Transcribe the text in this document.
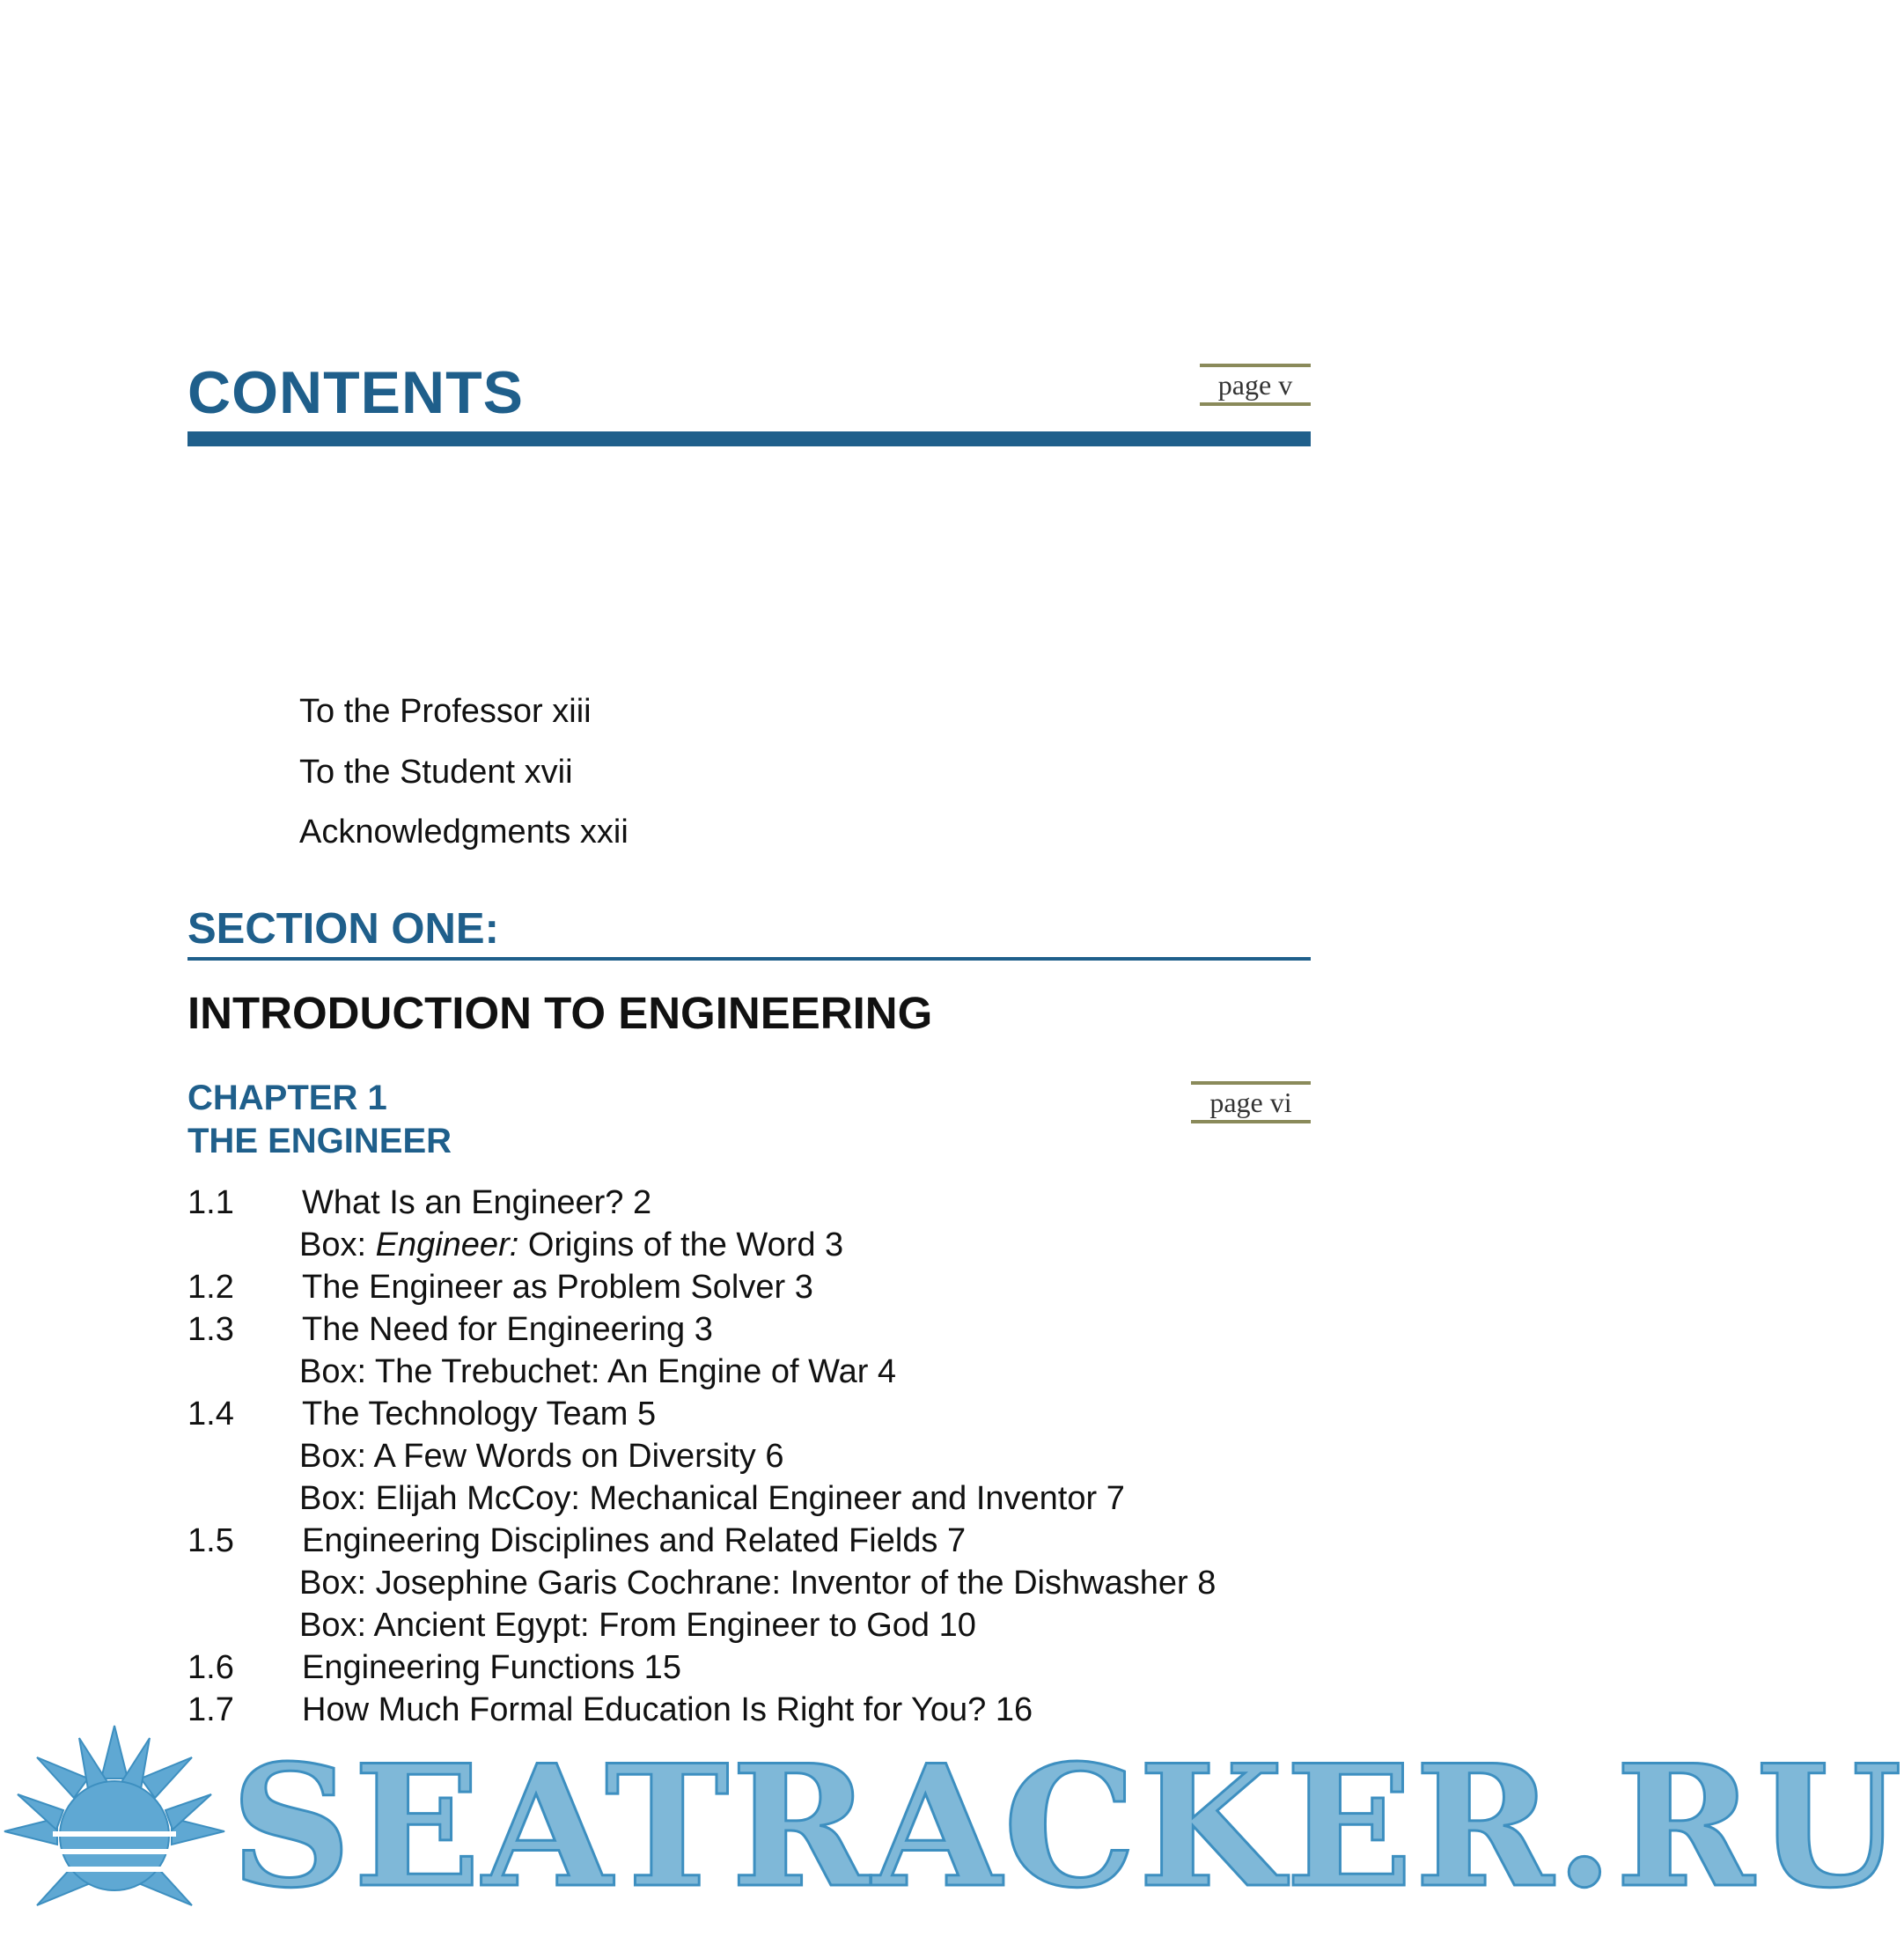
CONTENTS	page v

To the Professor xiii

To the Student xvii

Acknowledgments xxii

SECTION ONE:
INTRODUCTION TO ENGINEERING
CHAPTER 1	page vi
THE ENGINEER
1.1 What Is an Engineer? 2
Box: Engineer: Origins of the Word 3
1.2 The Engineer as Problem Solver 3
1.3 The Need for Engineering 3
Box: The Trebuchet: An Engine of War 4
1.4 The Technology Team 5
Box: A Few Words on Diversity 6
Box: Elijah McCoy: Mechanical Engineer and Inventor 7
1.5 Engineering Disciplines and Related Fields 7
Box: Josephine Garis Cochrane: Inventor of the Dishwasher 8
Box: Ancient Egypt: From Engineer to God 10
1.6 Engineering Functions 15
1.7 How Much Formal Education Is Right for You? 16
SEATRACKER.RU
